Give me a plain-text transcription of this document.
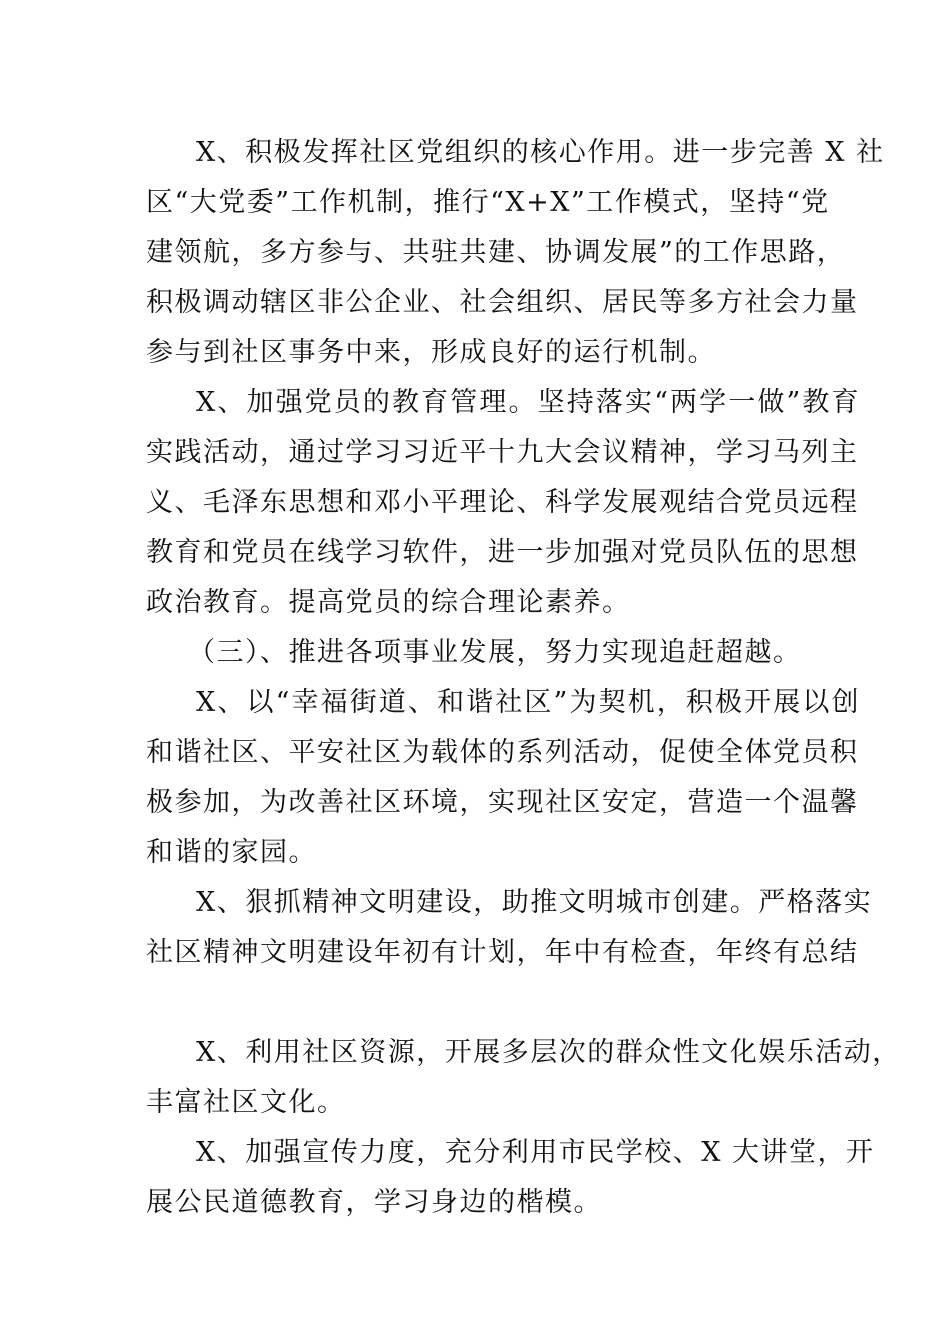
X、积极发挥社区党组织的核心作用。进一步完善 X 社
区“大党委”工作机制，推行“X+X”工作模式，坚持“党
建领航，多方参与、共驻共建、协调发展”的工作思路，
积极调动辖区非公企业、社会组织、居民等多方社会力量
参与到社区事务中来，形成良好的运行机制。
X、加强党员的教育管理。坚持落实“两学一做”教育
实践活动，通过学习习近平十九大会议精神，学习马列主
义、毛泽东思想和邓小平理论、科学发展观结合党员远程
教育和党员在线学习软件，进一步加强对党员队伍的思想
政治教育。提高党员的综合理论素养。
（三）、推进各项事业发展，努力实现追赶超越。
X、以“幸福街道、和谐社区”为契机，积极开展以创
和谐社区、平安社区为载体的系列活动，促使全体党员积
极参加，为改善社区环境，实现社区安定，营造一个温馨
和谐的家园。
X、狠抓精神文明建设，助推文明城市创建。严格落实
社区精神文明建设年初有计划，年中有检查，年终有总结
X、利用社区资源，开展多层次的群众性文化娱乐活动，
丰富社区文化。
X、加强宣传力度，充分利用市民学校、X 大讲堂，开
展公民道德教育，学习身边的楷模。
